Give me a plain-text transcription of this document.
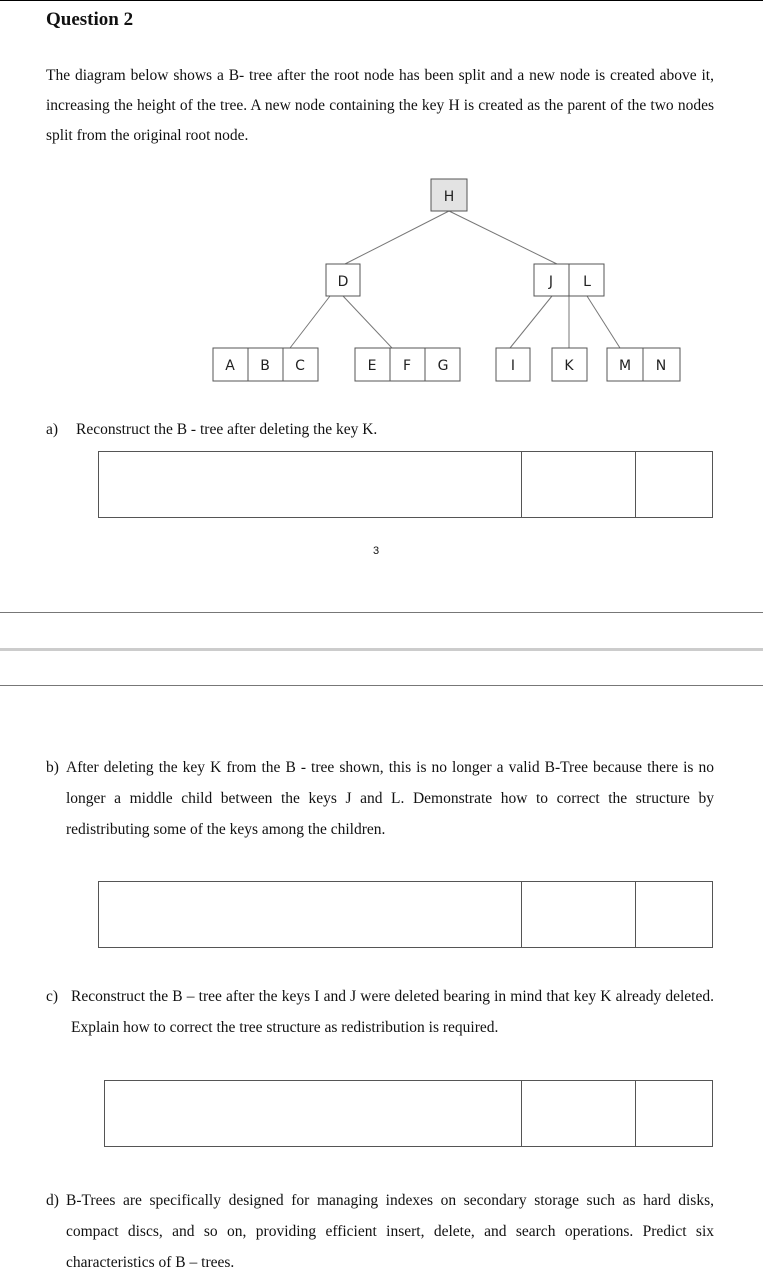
Question 2
The diagram below shows a B- tree after the root node has been split and a new node is created above it, increasing the height of the tree. A new node containing the key H is created as the parent of the two nodes split from the original root node.
H
D	J L
A B C	E F G	I	K	M N
a) Reconstruct the B - tree after deleting the key K.
3
b) After deleting the key K from the B - tree shown, this is no longer a valid B-Tree because there is no longer a middle child between the keys J and L. Demonstrate how to correct the structure by redistributing some of the keys among the children.
c) Reconstruct the B – tree after the keys I and J were deleted bearing in mind that key K already deleted. Explain how to correct the tree structure as redistribution is required.
d) B-Trees are specifically designed for managing indexes on secondary storage such as hard disks, compact discs, and so on, providing efficient insert, delete, and search operations. Predict six characteristics of B – trees.
